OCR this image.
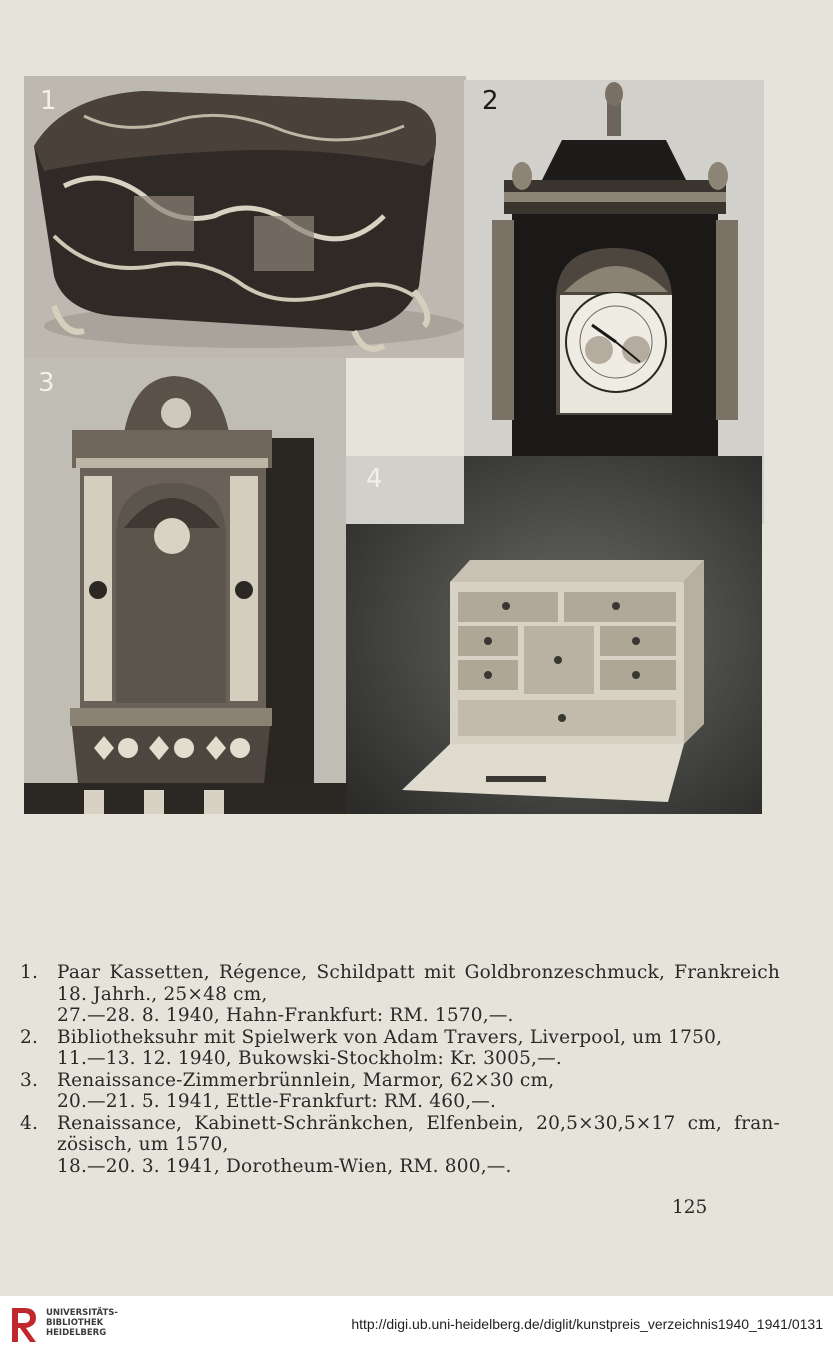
1	2
3
4
1.	Paar Kassetten, Régence, Schildpatt mit Goldbronzeschmuck, Frankreich
18. Jahrh., 25×48 cm,
27.—28. 8. 1940, Hahn-Frankfurt: RM. 1570,—.
2.	Bibliotheksuhr mit Spielwerk von Adam Travers, Liverpool, um 1750,
11.—13. 12. 1940, Bukowski-Stockholm: Kr. 3005,—.
3.	Renaissance-Zimmerbrünnlein, Marmor, 62×30 cm,
20.—21. 5. 1941, Ettle-Frankfurt: RM. 460,—.
4.	Renaissance, Kabinett-Schränkchen, Elfenbein, 20,5×30,5×17 cm, fran-
zösisch, um 1570,
18.—20. 3. 1941, Dorotheum-Wien, RM. 800,—.
125
UNIVERSITÄTS-
BIBLIOTHEK
HEIDELBERG
http://digi.ub.uni-heidelberg.de/diglit/kunstpreis_verzeichnis1940_1941/0131
